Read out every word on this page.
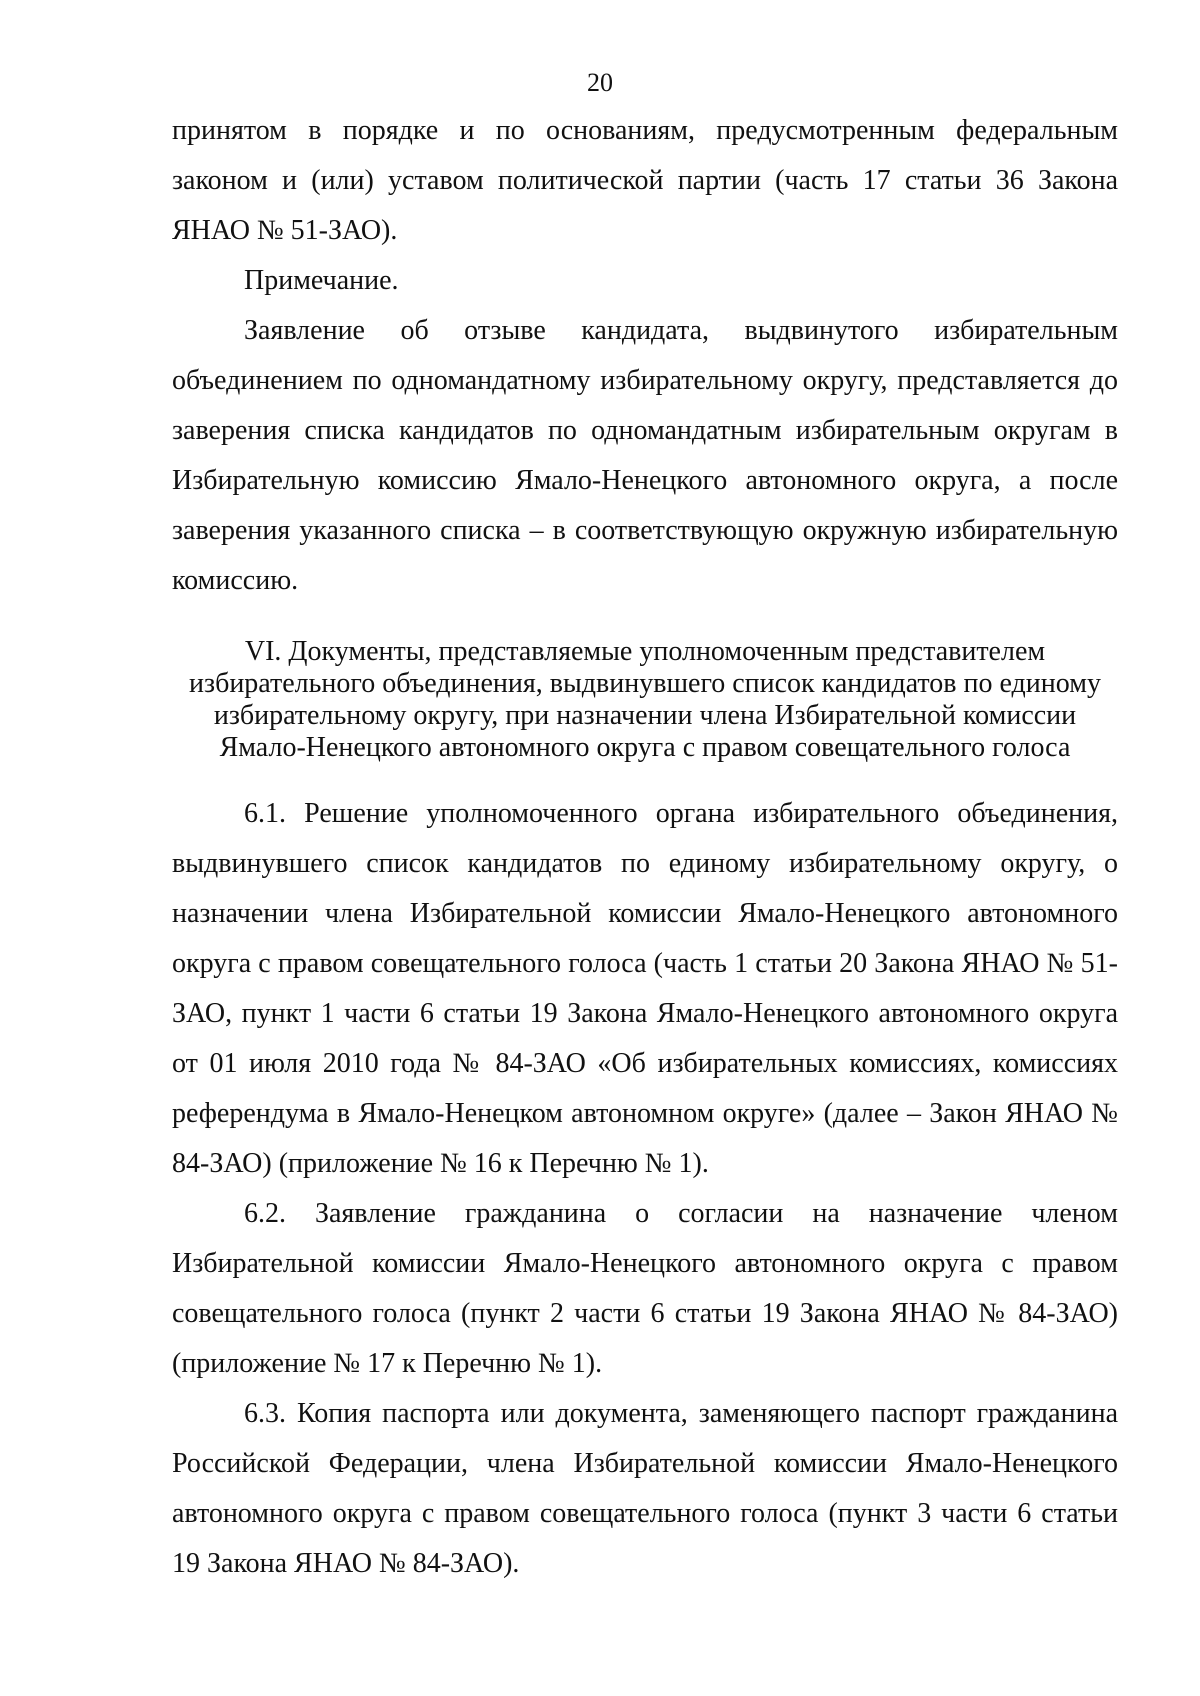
20

принятом в порядке и по основаниям, предусмотренным федеральным законом и (или) уставом политической партии (часть 17 статьи 36 Закона ЯНАО № 51-ЗАО).

Примечание.

Заявление об отзыве кандидата, выдвинутого избирательным объединением по одномандатному избирательному округу, представляется до заверения списка кандидатов по одномандатным избирательным округам в Избирательную комиссию Ямало-Ненецкого автономного округа, а после заверения указанного списка – в соответствующую окружную избирательную комиссию.

VI. Документы, представляемые уполномоченным представителем
избирательного объединения, выдвинувшего список кандидатов по единому
избирательному округу, при назначении члена Избирательной комиссии
Ямало-Ненецкого автономного округа с правом совещательного голоса

6.1. Решение уполномоченного органа избирательного объединения, выдвинувшего список кандидатов по единому избирательному округу, о назначении члена Избирательной комиссии Ямало-Ненецкого автономного округа с правом совещательного голоса (часть 1 статьи 20 Закона ЯНАО № 51-ЗАО, пункт 1 части 6 статьи 19 Закона Ямало-Ненецкого автономного округа от 01 июля 2010 года № 84-ЗАО «Об избирательных комиссиях, комиссиях референдума в Ямало-Ненецком автономном округе» (далее – Закон ЯНАО № 84-ЗАО) (приложение № 16 к Перечню № 1).

6.2. Заявление гражданина о согласии на назначение членом Избирательной комиссии Ямало-Ненецкого автономного округа с правом совещательного голоса (пункт 2 части 6 статьи 19 Закона ЯНАО № 84-ЗАО) (приложение № 17 к Перечню № 1).

6.3. Копия паспорта или документа, заменяющего паспорт гражданина Российской Федерации, члена Избирательной комиссии Ямало-Ненецкого автономного округа с правом совещательного голоса (пункт 3 части 6 статьи 19 Закона ЯНАО № 84-ЗАО).
